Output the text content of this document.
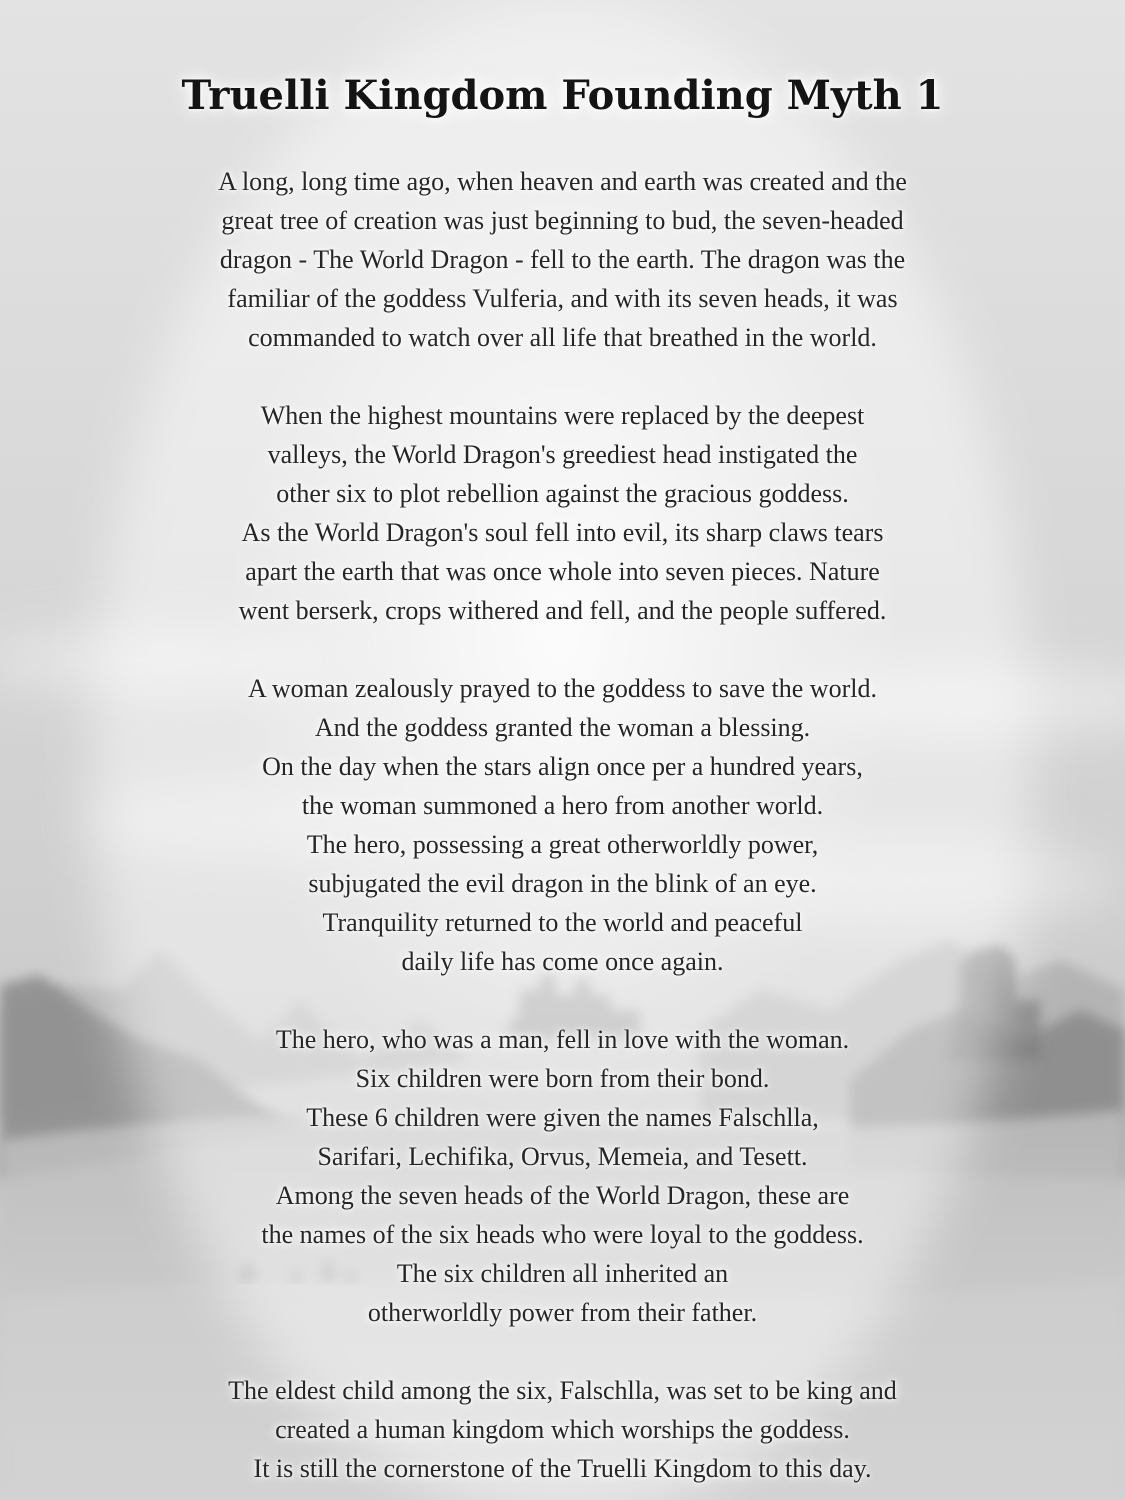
Truelli Kingdom Founding Myth 1
A long, long time ago, when heaven and earth was created and the
great tree of creation was just beginning to bud, the seven-headed
dragon - The World Dragon - fell to the earth. The dragon was the
familiar of the goddess Vulferia, and with its seven heads, it was
commanded to watch over all life that breathed in the world.
When the highest mountains were replaced by the deepest
valleys, the World Dragon's greediest head instigated the
other six to plot rebellion against the gracious goddess.
As the World Dragon's soul fell into evil, its sharp claws tears
apart the earth that was once whole into seven pieces. Nature
went berserk, crops withered and fell, and the people suffered.
A woman zealously prayed to the goddess to save the world.
And the goddess granted the woman a blessing.
On the day when the stars align once per a hundred years,
the woman summoned a hero from another world.
The hero, possessing a great otherworldly power,
subjugated the evil dragon in the blink of an eye.
Tranquility returned to the world and peaceful
daily life has come once again.
The hero, who was a man, fell in love with the woman.
Six children were born from their bond.
These 6 children were given the names Falschlla,
Sarifari, Lechifika, Orvus, Memeia, and Tesett.
Among the seven heads of the World Dragon, these are
the names of the six heads who were loyal to the goddess.
The six children all inherited an
otherworldly power from their father.
The eldest child among the six, Falschlla, was set to be king and
created a human kingdom which worships the goddess.
It is still the cornerstone of the Truelli Kingdom to this day.
